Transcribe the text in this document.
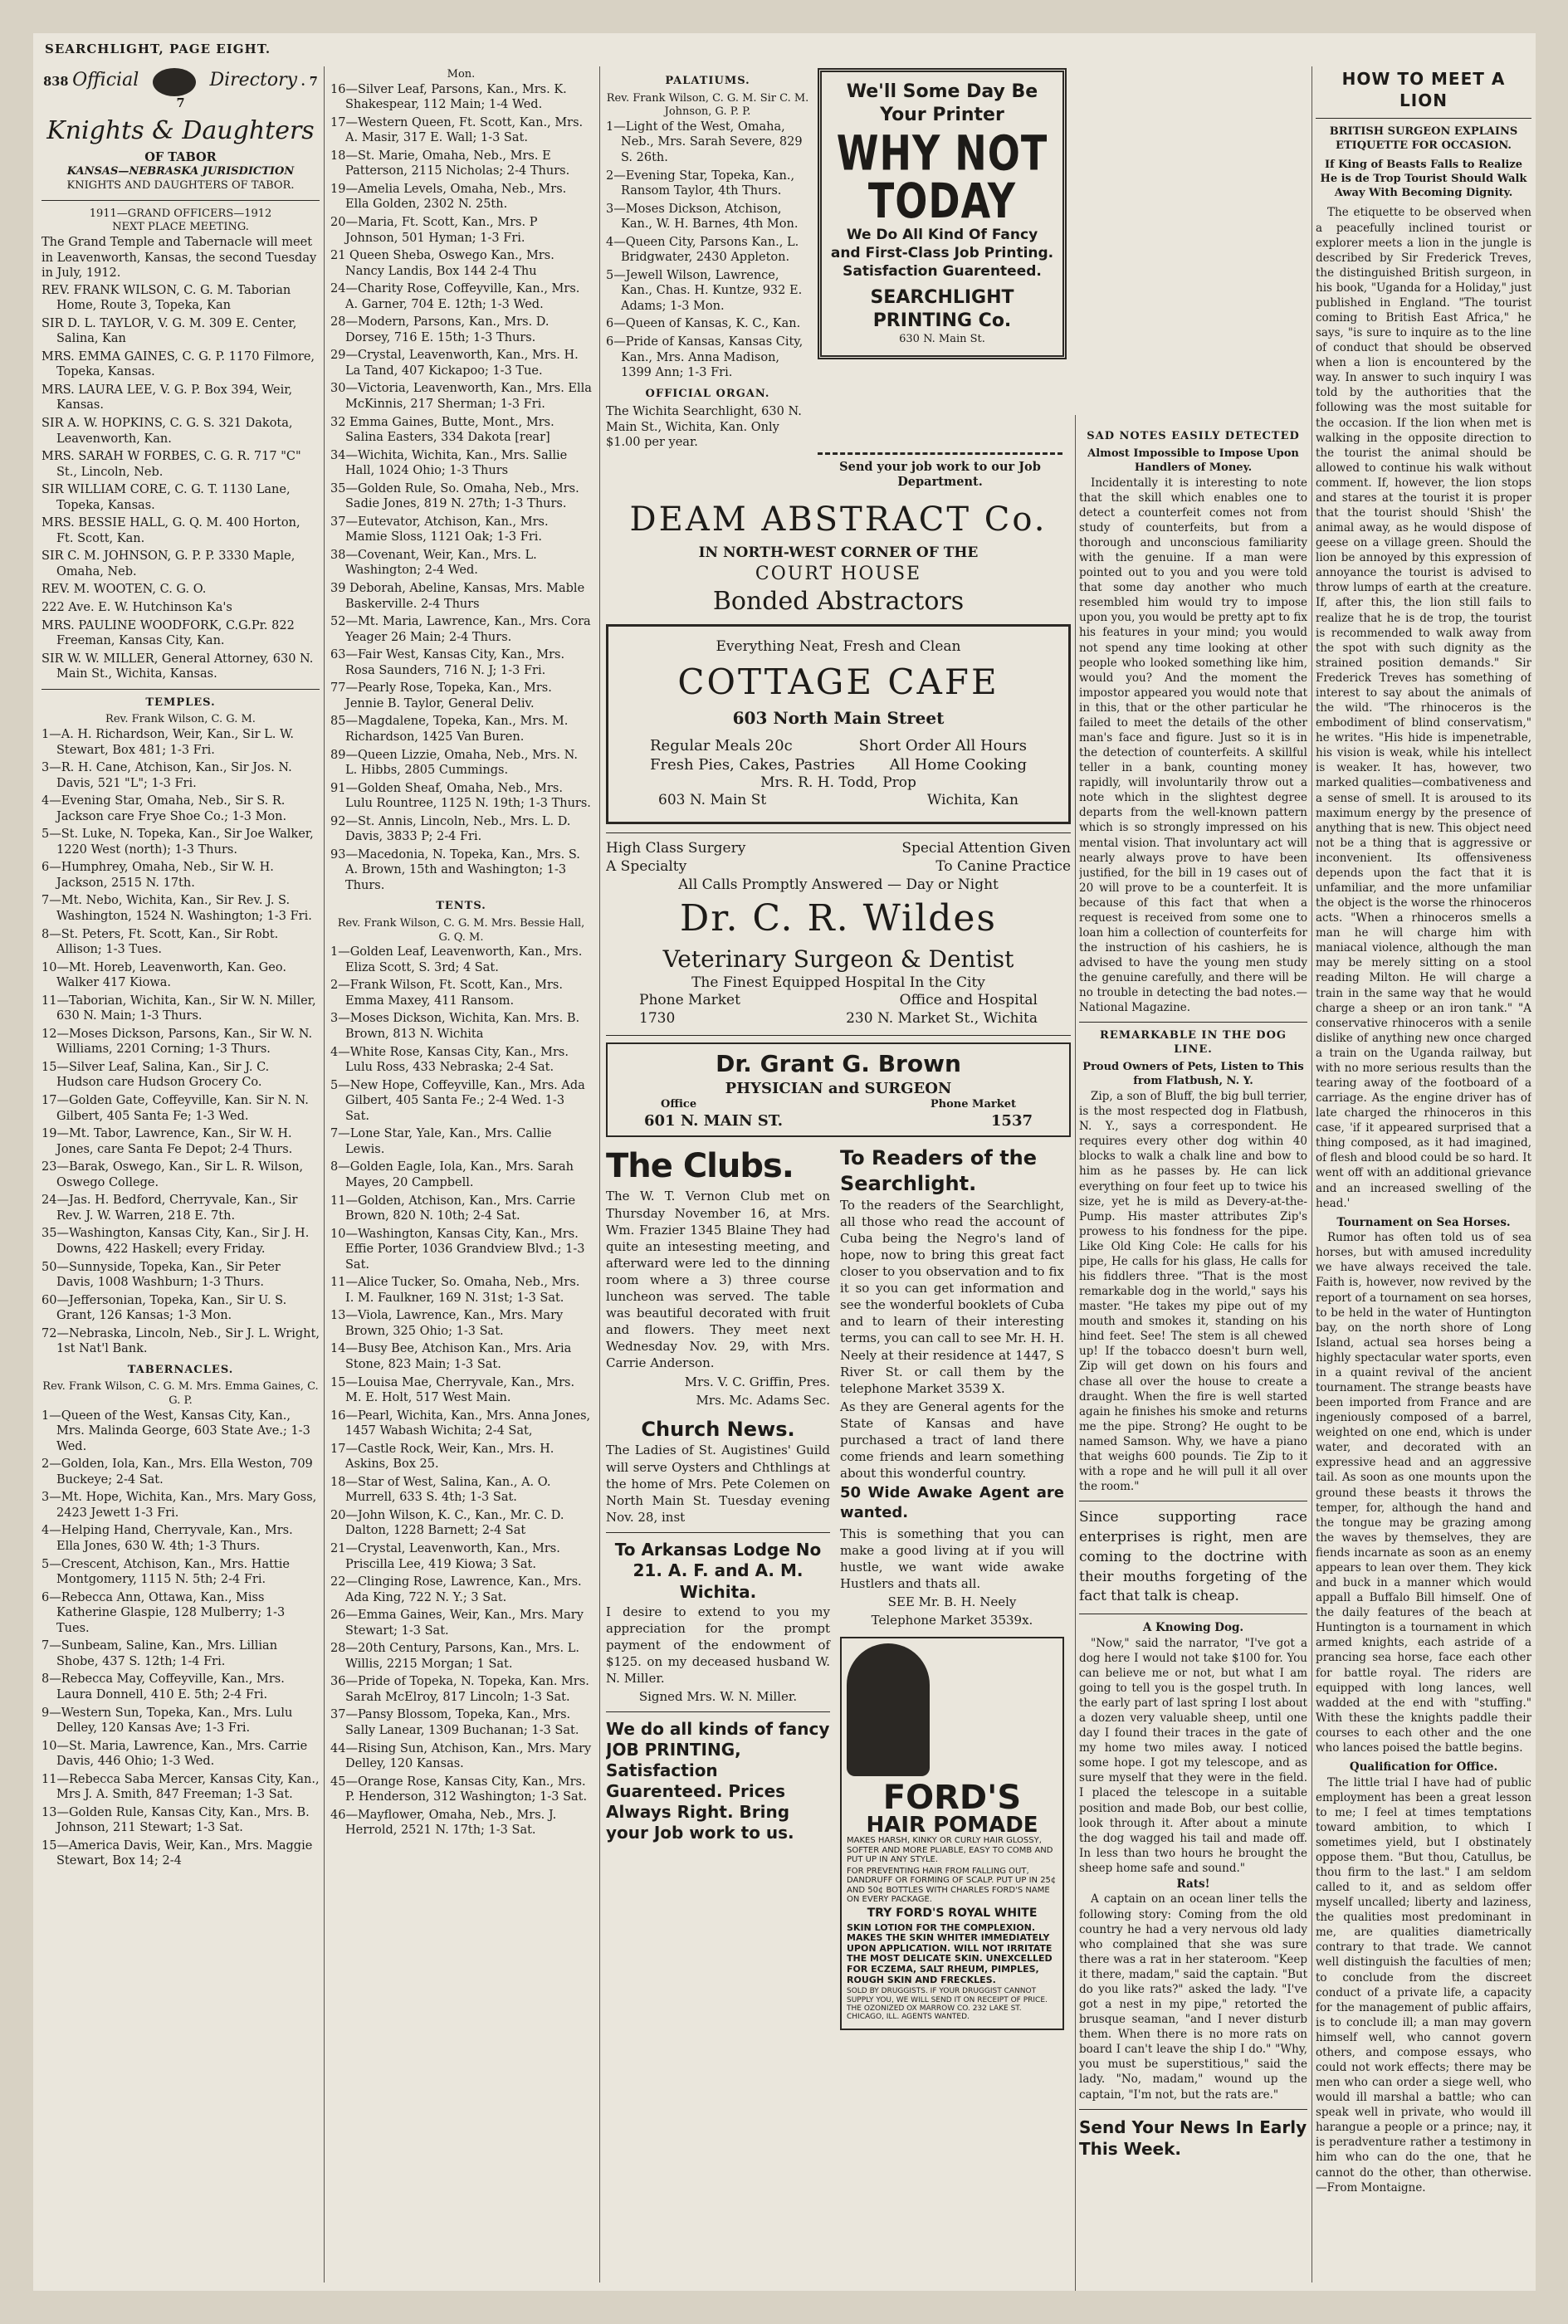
SEARCHLIGHT, PAGE EIGHT.
838 Official	Directory . 7 7
Knights & Daughters
OF TABOR
KANSAS—NEBRASKA JURISDICTION
KNIGHTS AND DAUGHTERS OF TABOR.
1911—GRAND OFFICERS—1912
NEXT PLACE MEETING.

The Grand Temple and Tabernacle will meet in Leavenworth, Kansas, the second Tuesday in July, 1912.

REV. FRANK WILSON, C. G. M. Taborian Home, Route 3, Topeka, Kan

SIR D. L. TAYLOR, V. G. M. 309 E. Center, Salina, Kan

MRS. EMMA GAINES, C. G. P. 1170 Filmore, Topeka, Kansas.

MRS. LAURA LEE, V. G. P. Box 394, Weir, Kansas.

SIR A. W. HOPKINS, C. G. S. 321 Dakota, Leavenworth, Kan.

MRS. SARAH W FORBES, C. G. R. 717 "C" St., Lincoln, Neb.

SIR WILLIAM CORE, C. G. T. 1130 Lane, Topeka, Kansas.

MRS. BESSIE HALL, G. Q. M. 400 Horton, Ft. Scott, Kan.

SIR C. M. JOHNSON, G. P. P. 3330 Maple, Omaha, Neb.

REV. M. WOOTEN, C. G. O.

222 Ave. E. W. Hutchinson Ka's

MRS. PAULINE WOODFORK, C.G.Pr. 822 Freeman, Kansas City, Kan.

SIR W. W. MILLER, General Attorney, 630 N. Main St., Wichita, Kansas.

TEMPLES.
Rev. Frank Wilson, C. G. M.

1—A. H. Richardson, Weir, Kan., Sir L. W. Stewart, Box 481; 1-3 Fri.

3—R. H. Cane, Atchison, Kan., Sir Jos. N. Davis, 521 "L"; 1-3 Fri.

4—Evening Star, Omaha, Neb., Sir S. R. Jackson care Frye Shoe Co.; 1-3 Mon.

5—St. Luke, N. Topeka, Kan., Sir Joe Walker, 1220 West (north); 1-3 Thurs.

6—Humphrey, Omaha, Neb., Sir W. H. Jackson, 2515 N. 17th.

7—Mt. Nebo, Wichita, Kan., Sir Rev. J. S. Washington, 1524 N. Washington; 1-3 Fri.

8—St. Peters, Ft. Scott, Kan., Sir Robt. Allison; 1-3 Tues.

10—Mt. Horeb, Leavenworth, Kan. Geo. Walker 417 Kiowa.

11—Taborian, Wichita, Kan., Sir W. N. Miller, 630 N. Main; 1-3 Thurs.

12—Moses Dickson, Parsons, Kan., Sir W. N. Williams, 2201 Corning; 1-3 Thurs.

15—Silver Leaf, Salina, Kan., Sir J. C. Hudson care Hudson Grocery Co.

17—Golden Gate, Coffeyville, Kan. Sir N. N. Gilbert, 405 Santa Fe; 1-3 Wed.

19—Mt. Tabor, Lawrence, Kan., Sir W. H. Jones, care Santa Fe Depot; 2-4 Thurs.

23—Barak, Oswego, Kan., Sir L. R. Wilson, Oswego College.

24—Jas. H. Bedford, Cherryvale, Kan., Sir Rev. J. W. Warren, 218 E. 7th.

35—Washington, Kansas City, Kan., Sir J. H. Downs, 422 Haskell; every Friday.

50—Sunnyside, Topeka, Kan., Sir Peter Davis, 1008 Washburn; 1-3 Thurs.

60—Jeffersonian, Topeka, Kan., Sir U. S. Grant, 126 Kansas; 1-3 Mon.

72—Nebraska, Lincoln, Neb., Sir J. L. Wright, 1st Nat'l Bank.

TABERNACLES.
Rev. Frank Wilson, C. G. M. Mrs. Emma Gaines, C. G. P.

1—Queen of the West, Kansas City, Kan., Mrs. Malinda George, 603 State Ave.; 1-3 Wed.

2—Golden, Iola, Kan., Mrs. Ella Weston, 709 Buckeye; 2-4 Sat.

3—Mt. Hope, Wichita, Kan., Mrs. Mary Goss, 2423 Jewett 1-3 Fri.

4—Helping Hand, Cherryvale, Kan., Mrs. Ella Jones, 630 W. 4th; 1-3 Thurs.

5—Crescent, Atchison, Kan., Mrs. Hattie Montgomery, 1115 N. 5th; 2-4 Fri.

6—Rebecca Ann, Ottawa, Kan., Miss Katherine Glaspie, 128 Mulberry; 1-3 Tues.

7—Sunbeam, Saline, Kan., Mrs. Lillian Shobe, 437 S. 12th; 1-4 Fri.

8—Rebecca May, Coffeyville, Kan., Mrs. Laura Donnell, 410 E. 5th; 2-4 Fri.

9—Western Sun, Topeka, Kan., Mrs. Lulu Delley, 120 Kansas Ave; 1-3 Fri.

10—St. Maria, Lawrence, Kan., Mrs. Carrie Davis, 446 Ohio; 1-3 Wed.

11—Rebecca Saba Mercer, Kansas City, Kan., Mrs J. A. Smith, 847 Freeman; 1-3 Sat.

13—Golden Rule, Kansas City, Kan., Mrs. B. Johnson, 211 Stewart; 1-3 Sat.

15—America Davis, Weir, Kan., Mrs. Maggie Stewart, Box 14; 2-4

Mon.

16—Silver Leaf, Parsons, Kan., Mrs. K. Shakespear, 112 Main; 1-4 Wed.

17—Western Queen, Ft. Scott, Kan., Mrs. A. Masir, 317 E. Wall; 1-3 Sat.

18—St. Marie, Omaha, Neb., Mrs. E Patterson, 2115 Nicholas; 2-4 Thurs.

19—Amelia Levels, Omaha, Neb., Mrs. Ella Golden, 2302 N. 25th.

20—Maria, Ft. Scott, Kan., Mrs. P Johnson, 501 Hyman; 1-3 Fri.

21 Queen Sheba, Oswego Kan., Mrs. Nancy Landis, Box 144 2-4 Thu

24—Charity Rose, Coffeyville, Kan., Mrs. A. Garner, 704 E. 12th; 1-3 Wed.

28—Modern, Parsons, Kan., Mrs. D. Dorsey, 716 E. 15th; 1-3 Thurs.

29—Crystal, Leavenworth, Kan., Mrs. H. La Tand, 407 Kickapoo; 1-3 Tue.

30—Victoria, Leavenworth, Kan., Mrs. Ella McKinnis, 217 Sherman; 1-3 Fri.

32 Emma Gaines, Butte, Mont., Mrs. Salina Easters, 334 Dakota [rear]

34—Wichita, Wichita, Kan., Mrs. Sallie Hall, 1024 Ohio; 1-3 Thurs

35—Golden Rule, So. Omaha, Neb., Mrs. Sadie Jones, 819 N. 27th; 1-3 Thurs.

37—Eutevator, Atchison, Kan., Mrs. Mamie Sloss, 1121 Oak; 1-3 Fri.

38—Covenant, Weir, Kan., Mrs. L. Washington; 2-4 Wed.

39 Deborah, Abeline, Kansas, Mrs. Mable Baskerville. 2-4 Thurs

52—Mt. Maria, Lawrence, Kan., Mrs. Cora Yeager 26 Main; 2-4 Thurs.

63—Fair West, Kansas City, Kan., Mrs. Rosa Saunders, 716 N. J; 1-3 Fri.

77—Pearly Rose, Topeka, Kan., Mrs. Jennie B. Taylor, General Deliv.

85—Magdalene, Topeka, Kan., Mrs. M. Richardson, 1425 Van Buren.

89—Queen Lizzie, Omaha, Neb., Mrs. N. L. Hibbs, 2805 Cummings.

91—Golden Sheaf, Omaha, Neb., Mrs. Lulu Rountree, 1125 N. 19th; 1-3 Thurs.

92—St. Annis, Lincoln, Neb., Mrs. L. D. Davis, 3833 P; 2-4 Fri.

93—Macedonia, N. Topeka, Kan., Mrs. S. A. Brown, 15th and Washington; 1-3 Thurs.

TENTS.
Rev. Frank Wilson, C. G. M. Mrs. Bessie Hall, G. Q. M.

1—Golden Leaf, Leavenworth, Kan., Mrs. Eliza Scott, S. 3rd; 4 Sat.

2—Frank Wilson, Ft. Scott, Kan., Mrs. Emma Maxey, 411 Ransom.

3—Moses Dickson, Wichita, Kan. Mrs. B. Brown, 813 N. Wichita

4—White Rose, Kansas City, Kan., Mrs. Lulu Ross, 433 Nebraska; 2-4 Sat.

5—New Hope, Coffeyville, Kan., Mrs. Ada Gilbert, 405 Santa Fe.; 2-4 Wed. 1-3 Sat.

7—Lone Star, Yale, Kan., Mrs. Callie Lewis.

8—Golden Eagle, Iola, Kan., Mrs. Sarah Mayes, 20 Campbell.

11—Golden, Atchison, Kan., Mrs. Carrie Brown, 820 N. 10th; 2-4 Sat.

10—Washington, Kansas City, Kan., Mrs. Effie Porter, 1036 Grandview Blvd.; 1-3 Sat.

11—Alice Tucker, So. Omaha, Neb., Mrs. I. M. Faulkner, 169 N. 31st; 1-3 Sat.

13—Viola, Lawrence, Kan., Mrs. Mary Brown, 325 Ohio; 1-3 Sat.

14—Busy Bee, Atchison Kan., Mrs. Aria Stone, 823 Main; 1-3 Sat.

15—Louisa Mae, Cherryvale, Kan., Mrs. M. E. Holt, 517 West Main.

16—Pearl, Wichita, Kan., Mrs. Anna Jones, 1457 Wabash Wichita; 2-4 Sat,

17—Castle Rock, Weir, Kan., Mrs. H. Askins, Box 25.

18—Star of West, Salina, Kan., A. O. Murrell, 633 S. 4th; 1-3 Sat.

20—John Wilson, K. C., Kan., Mr. C. D. Dalton, 1228 Barnett; 2-4 Sat

21—Crystal, Leavenworth, Kan., Mrs. Priscilla Lee, 419 Kiowa; 3 Sat.

22—Clinging Rose, Lawrence, Kan., Mrs. Ada King, 722 N. Y.; 3 Sat.

26—Emma Gaines, Weir, Kan., Mrs. Mary Stewart; 1-3 Sat.

28—20th Century, Parsons, Kan., Mrs. L. Willis, 2215 Morgan; 1 Sat.

36—Pride of Topeka, N. Topeka, Kan. Mrs. Sarah McElroy, 817 Lincoln; 1-3 Sat.

37—Pansy Blossom, Topeka, Kan., Mrs. Sally Lanear, 1309 Buchanan; 1-3 Sat.

44—Rising Sun, Atchison, Kan., Mrs. Mary Delley, 120 Kansas.

45—Orange Rose, Kansas City, Kan., Mrs. P. Henderson, 312 Washington; 1-3 Sat.

46—Mayflower, Omaha, Neb., Mrs. J. Herrold, 2521 N. 17th; 1-3 Sat.

PALATIUMS.
Rev. Frank Wilson, C. G. M. Sir C. M. Johnson, G. P. P.

1—Light of the West, Omaha, Neb., Mrs. Sarah Severe, 829 S. 26th.

2—Evening Star, Topeka, Kan., Ransom Taylor, 4th Thurs.

3—Moses Dickson, Atchison, Kan., W. H. Barnes, 4th Mon.

4—Queen City, Parsons Kan., L. Bridgwater, 2430 Appleton.

5—Jewell Wilson, Lawrence, Kan., Chas. H. Kuntze, 932 E. Adams; 1-3 Mon.

6—Queen of Kansas, K. C., Kan.

6—Pride of Kansas, Kansas City, Kan., Mrs. Anna Madison, 1399 Ann; 1-3 Fri.

OFFICIAL ORGAN.

The Wichita Searchlight, 630 N. Main St., Wichita, Kan. Only $1.00 per year.

We'll Some Day Be Your Printer
WHY NOT TODAY
We Do All Kind Of Fancy and First-Class Job Printing. Satisfaction Guarenteed.
SEARCHLIGHT PRINTING Co.
630 N. Main St.
Send your job work to our Job Department.
DEAM ABSTRACT Co.
IN NORTH-WEST CORNER OF THE
COURT HOUSE
Bonded Abstractors
Everything Neat, Fresh and Clean
COTTAGE CAFE
603 North Main Street
Regular Meals 20c	Short Order All Hours
Fresh Pies, Cakes, Pastries All Home Cooking
Mrs. R. H. Todd, Prop
603 N. Main St	Wichita, Kan
High Class Surgery	Special Attention Given
A Specialty	To Canine Practice
All Calls Promptly Answered — Day or Night
Dr. C. R. Wildes
Veterinary Surgeon & Dentist
The Finest Equipped Hospital In the City
Phone Market	Office and Hospital
1730	230 N. Market St., Wichita
Dr. Grant G. Brown
PHYSICIAN and SURGEON
Office	Phone Market
601 N. MAIN ST.	1537
The Clubs.

The W. T. Vernon Club met on Thursday November 16, at Mrs. Wm. Frazier 1345 Blaine They had quite an intesesting meeting, and afterward were led to the dinning room where a 3) three course luncheon was served. The table was beautiful decorated with fruit and flowers. They meet next Wednesday Nov. 29, with Mrs. Carrie Anderson.

Mrs. V. C. Griffin, Pres.

Mrs. Mc. Adams Sec.

Church News.

The Ladies of St. Augistines' Guild will serve Oysters and Chthlings at the home of Mrs. Pete Colemen on North Main St. Tuesday evening Nov. 28, inst

To Arkansas Lodge No 21. A. F. and A. M. Wichita.

I desire to extend to you my appreciation for the prompt payment of the endowment of $125. on my deceased husband W. N. Miller.

Signed Mrs. W. N. Miller.

We do all kinds of fancy JOB PRINTING, Satisfaction Guarenteed. Prices Always Right. Bring your Job work to us.
To Readers of the Searchlight.

To the readers of the Searchlight, all those who read the account of Cuba being the Negro's land of hope, now to bring this great fact closer to you observation and to fix it so you can get information and see the wonderful booklets of Cuba and to learn of their interesting terms, you can call to see Mr. H. H. Neely at their residence at 1447, S River St. or call them by the telephone Market 3539 X.

As they are General agents for the State of Kansas and have purchased a tract of land there come friends and learn something about this wonderful country.

50 Wide Awake Agent are wanted.

This is something that you can make a good living at if you will hustle, we want wide awake Hustlers and thats all.

SEE Mr. B. H. Neely

Telephone Market 3539x.

FORD'S
HAIR POMADE

MAKES HARSH, KINKY OR CURLY HAIR GLOSSY, SOFTER AND MORE PLIABLE, EASY TO COMB AND PUT UP IN ANY STYLE.

FOR PREVENTING HAIR FROM FALLING OUT, DANDRUFF OR FORMING OF SCALP. PUT UP IN 25¢ AND 50¢ BOTTLES WITH CHARLES FORD'S NAME ON EVERY PACKAGE.

TRY FORD'S ROYAL WHITE

SKIN LOTION FOR THE COMPLEXION. MAKES THE SKIN WHITER IMMEDIATELY UPON APPLICATION. WILL NOT IRRITATE THE MOST DELICATE SKIN. UNEXCELLED FOR ECZEMA, SALT RHEUM, PIMPLES, ROUGH SKIN AND FRECKLES.

SOLD BY DRUGGISTS. IF YOUR DRUGGIST CANNOT SUPPLY YOU, WE WILL SEND IT ON RECEIPT OF PRICE. THE OZONIZED OX MARROW CO. 232 LAKE ST. CHICAGO, ILL. AGENTS WANTED.

SAD NOTES EASILY DETECTED
Almost Impossible to Impose Upon Handlers of Money.

Incidentally it is interesting to note that the skill which enables one to detect a counterfeit comes not from study of counterfeits, but from a thorough and unconscious familiarity with the genuine. If a man were pointed out to you and you were told that some day another who much resembled him would try to impose upon you, you would be pretty apt to fix his features in your mind; you would not spend any time looking at other people who looked something like him, would you? And the moment the impostor appeared you would note that in this, that or the other particular he failed to meet the details of the other man's face and figure. Just so it is in the detection of counterfeits. A skillful teller in a bank, counting money rapidly, will involuntarily throw out a note which in the slightest degree departs from the well-known pattern which is so strongly impressed on his mental vision. That involuntary act will nearly always prove to have been justified, for the bill in 19 cases out of 20 will prove to be a counterfeit. It is because of this fact that when a request is received from some one to loan him a collection of counterfeits for the instruction of his cashiers, he is advised to have the young men study the genuine carefully, and there will be no trouble in detecting the bad notes.—National Magazine.

REMARKABLE IN THE DOG LINE.
Proud Owners of Pets, Listen to This from Flatbush, N. Y.

Zip, a son of Bluff, the big bull terrier, is the most respected dog in Flatbush, N. Y., says a correspondent. He requires every other dog within 40 blocks to walk a chalk line and bow to him as he passes by. He can lick everything on four feet up to twice his size, yet he is mild as Devery-at-the-Pump. His master attributes Zip's prowess to his fondness for the pipe. Like Old King Cole: He calls for his pipe, He calls for his glass, He calls for his fiddlers three. "That is the most remarkable dog in the world," says his master. "He takes my pipe out of my mouth and smokes it, standing on his hind feet. See! The stem is all chewed up! If the tobacco doesn't burn well, Zip will get down on his fours and chase all over the house to create a draught. When the fire is well started again he finishes his smoke and returns me the pipe. Strong? He ought to be named Samson. Why, we have a piano that weighs 600 pounds. Tie Zip to it with a rope and he will pull it all over the room."

Since supporting race enterprises is right, men are coming to the doctrine with their mouths forgeting of the fact that talk is cheap.

A Knowing Dog.

"Now," said the narrator, "I've got a dog here I would not take $100 for. You can believe me or not, but what I am going to tell you is the gospel truth. In the early part of last spring I lost about a dozen very valuable sheep, until one day I found their traces in the gate of my home two miles away. I noticed some hope. I got my telescope, and as sure myself that they were in the field. I placed the telescope in a suitable position and made Bob, our best collie, look through it. After about a minute the dog wagged his tail and made off. In less than two hours he brought the sheep home safe and sound."

Rats!

A captain on an ocean liner tells the following story: Coming from the old country he had a very nervous old lady who complained that she was sure there was a rat in her stateroom. "Keep it there, madam," said the captain. "But do you like rats?" asked the lady. "I've got a nest in my pipe," retorted the brusque seaman, "and I never disturb them. When there is no more rats on board I can't leave the ship I do." "Why, you must be superstitious," said the lady. "No, madam," wound up the captain, "I'm not, but the rats are."

Send Your News In Early This Week.
HOW TO MEET A LION
BRITISH SURGEON EXPLAINS ETIQUETTE FOR OCCASION.
If King of Beasts Falls to Realize He is de Trop Tourist Should Walk Away With Becoming Dignity.

The etiquette to be observed when a peacefully inclined tourist or explorer meets a lion in the jungle is described by Sir Frederick Treves, the distinguished British surgeon, in his book, "Uganda for a Holiday," just published in England. "The tourist coming to British East Africa," he says, "is sure to inquire as to the line of conduct that should be observed when a lion is encountered by the way. In answer to such inquiry I was told by the authorities that the following was the most suitable for the occasion. If the lion when met is walking in the opposite direction to the tourist the animal should be allowed to continue his walk without comment. If, however, the lion stops and stares at the tourist it is proper that the tourist should 'Shish' the animal away, as he would dispose of geese on a village green. Should the lion be annoyed by this expression of annoyance the tourist is advised to throw lumps of earth at the creature. If, after this, the lion still fails to realize that he is de trop, the tourist is recommended to walk away from the spot with such dignity as the strained position demands." Sir Frederick Treves has something of interest to say about the animals of the wild. "The rhinoceros is the embodiment of blind conservatism," he writes. "His hide is impenetrable, his vision is weak, while his intellect is weaker. It has, however, two marked qualities—combativeness and a sense of smell. It is aroused to its maximum energy by the presence of anything that is new. This object need not be a thing that is aggressive or inconvenient. Its offensiveness depends upon the fact that it is unfamiliar, and the more unfamiliar the object is the worse the rhinoceros acts. "When a rhinoceros smells a man he will charge him with maniacal violence, although the man may be merely sitting on a stool reading Milton. He will charge a train in the same way that he would charge a sheep or an iron tank." "A conservative rhinoceros with a senile dislike of anything new once charged a train on the Uganda railway, but with no more serious results than the tearing away of the footboard of a carriage. As the engine driver has of late charged the rhinoceros in this case, 'if it appeared surprised that a thing composed, as it had imagined, of flesh and blood could be so hard. It went off with an additional grievance and an increased swelling of the head.'

Tournament on Sea Horses.

Rumor has often told us of sea horses, but with amused incredulity we have always received the tale. Faith is, however, now revived by the report of a tournament on sea horses, to be held in the water of Huntington bay, on the north shore of Long Island, actual sea horses being a highly spectacular water sports, even in a quaint revival of the ancient tournament. The strange beasts have been imported from France and are ingeniously composed of a barrel, weighted on one end, which is under water, and decorated with an expressive head and an aggressive tail. As soon as one mounts upon the ground these beasts it throws the temper, for, although the hand and the tongue may be grazing among the waves by themselves, they are fiends incarnate as soon as an enemy appears to lean over them. They kick and buck in a manner which would appall a Buffalo Bill himself. One of the daily features of the beach at Huntington is a tournament in which armed knights, each astride of a prancing sea horse, face each other for battle royal. The riders are equipped with long lances, well wadded at the end with "stuffing." With these the knights paddle their courses to each other and the one who lances poised the battle begins.

Qualification for Office.

The little trial I have had of public employment has been a great lesson to me; I feel at times temptations toward ambition, to which I sometimes yield, but I obstinately oppose them. "But thou, Catullus, be thou firm to the last." I am seldom called to it, and as seldom offer myself uncalled; liberty and laziness, the qualities most predominant in me, are qualities diametrically contrary to that trade. We cannot well distinguish the faculties of men; to conclude from the discreet conduct of a private life, a capacity for the management of public affairs, is to conclude ill; a man may govern himself well, who cannot govern others, and compose essays, who could not work effects; there may be men who can order a siege well, who would ill marshal a battle; who can speak well in private, who would ill harangue a people or a prince; nay, it is peradventure rather a testimony in him who can do the one, that he cannot do the other, than otherwise.—From Montaigne.
